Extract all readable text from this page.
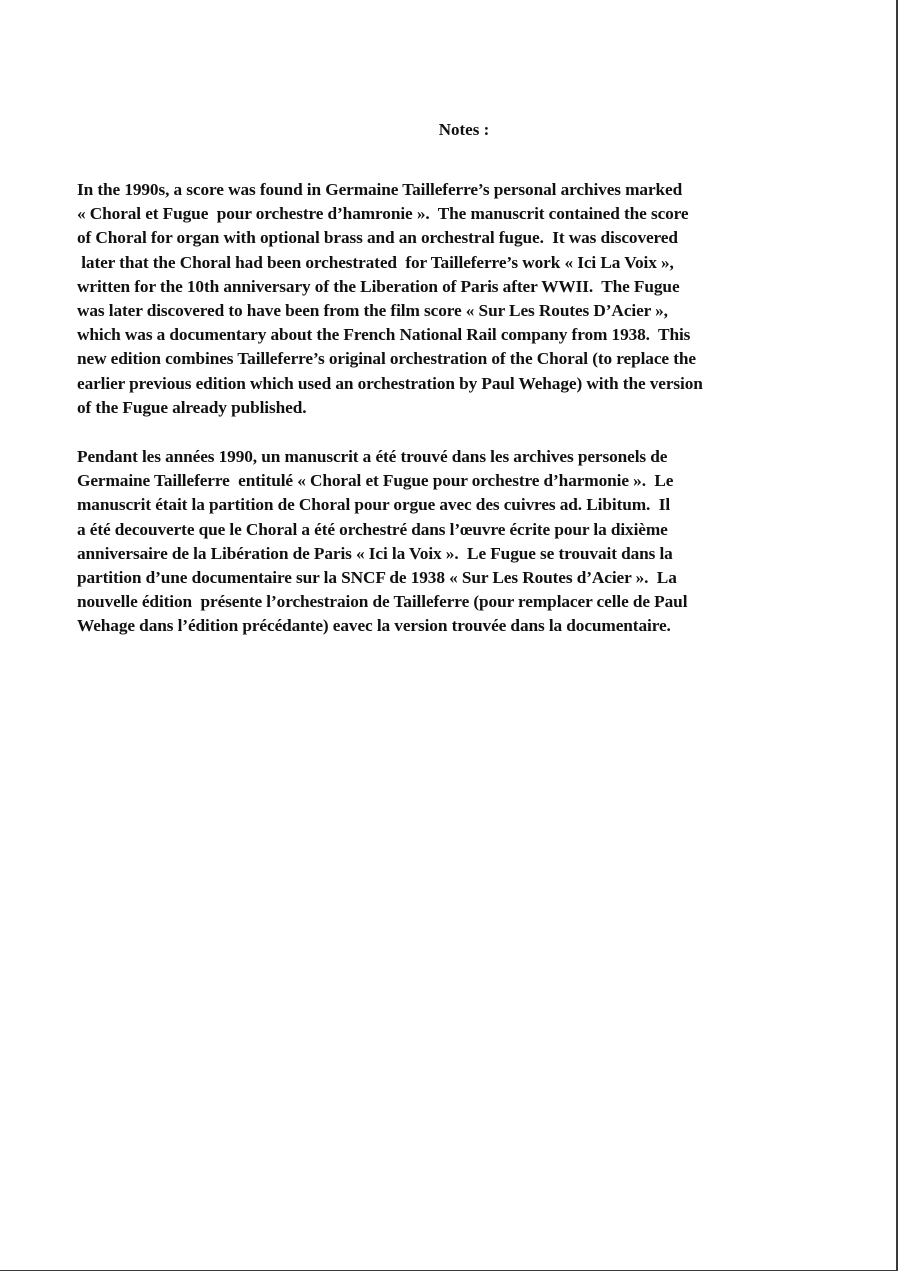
Notes :

In the 1990s, a score was found in Germaine Tailleferre’s personal archives marked
« Choral et Fugue  pour orchestre d’hamronie ».  The manuscrit contained the score
of Choral for organ with optional brass and an orchestral fugue.  It was discovered
later that the Choral had been orchestrated  for Tailleferre’s work « Ici La Voix »,
written for the 10th anniversary of the Liberation of Paris after WWII.  The Fugue
was later discovered to have been from the film score « Sur Les Routes D’Acier »,
which was a documentary about the French National Rail company from 1938.  This
new edition combines Tailleferre’s original orchestration of the Choral (to replace the
earlier previous edition which used an orchestration by Paul Wehage) with the version
of the Fugue already published.

Pendant les années 1990, un manuscrit a été trouvé dans les archives personels de
Germaine Tailleferre  entitulé « Choral et Fugue pour orchestre d’harmonie ».  Le
manuscrit était la partition de Choral pour orgue avec des cuivres ad. Libitum.  Il
a été decouverte que le Choral a été orchestré dans l’œuvre écrite pour la dixième
anniversaire de la Libération de Paris « Ici la Voix ».  Le Fugue se trouvait dans la
partition d’une documentaire sur la SNCF de 1938 « Sur Les Routes d’Acier ».  La
nouvelle édition  présente l’orchestraion de Tailleferre (pour remplacer celle de Paul
Wehage dans l’édition précédante) eavec la version trouvée dans la documentaire.
